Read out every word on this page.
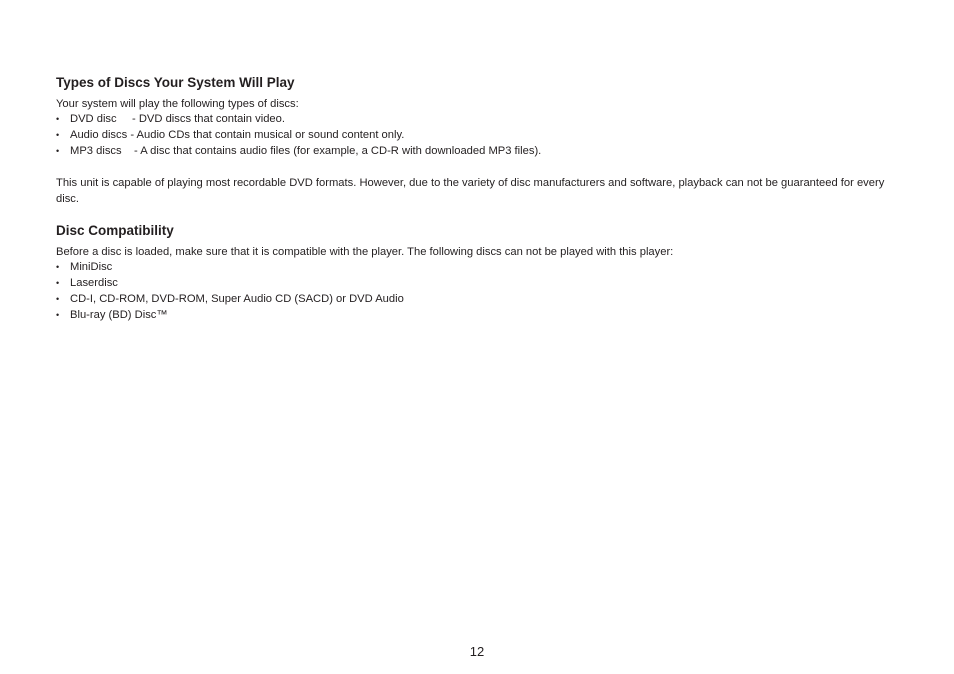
Types of Discs Your System Will Play

Your system will play the following types of discs:

• DVD disc - DVD discs that contain video.
• Audio discs - Audio CDs that contain musical or sound content only.
• MP3 discs - A disc that contains audio files (for example, a CD-R with downloaded MP3 files).

This unit is capable of playing most recordable DVD formats. However, due to the variety of disc manufacturers and software, playback can not be guaranteed for every disc.

Disc Compatibility

Before a disc is loaded, make sure that it is compatible with the player. The following discs can not be played with this player:

• MiniDisc
• Laserdisc
• CD-I, CD-ROM, DVD-ROM, Super Audio CD (SACD) or DVD Audio
• Blu-ray (BD) Disc™
12
